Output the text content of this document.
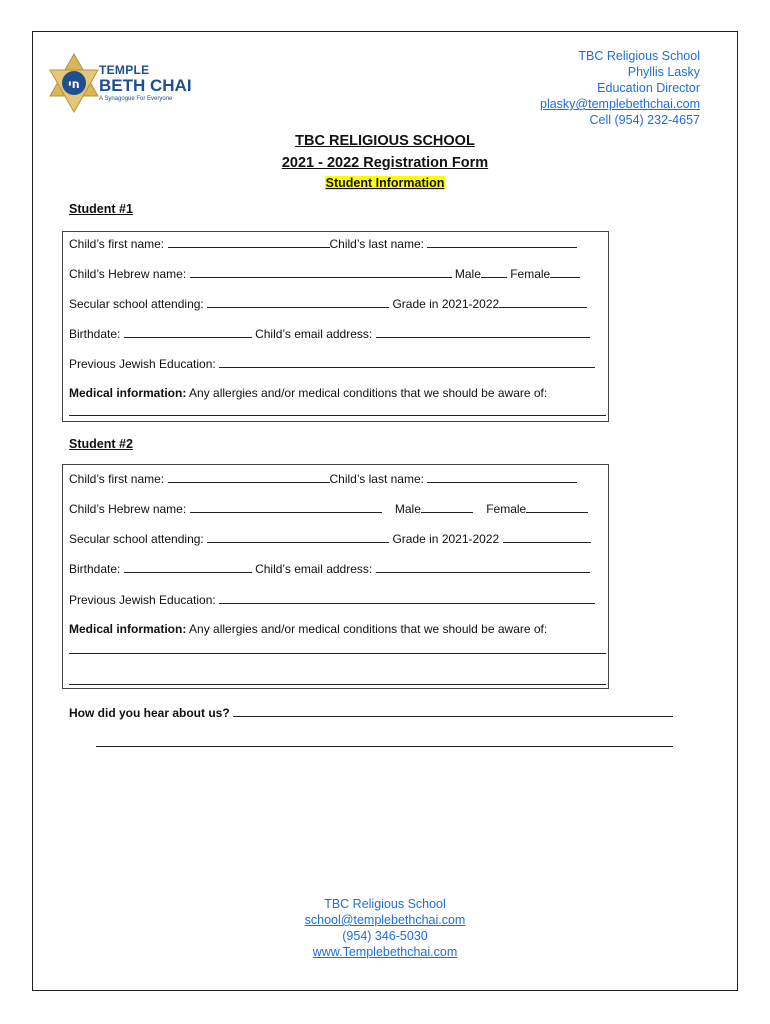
חי
TEMPLE
BETH CHAI
A Synagogue For Everyone
TBC Religious School
Phyllis Lasky
Education Director
plasky@templebethchai.com
Cell (954) 232-4657
TBC RELIGIOUS SCHOOL
2021 - 2022 Registration Form
Student Information
Student #1
Child’s first name:	Child’s last name:
Child’s Hebrew name:	Male Female
Secular school attending:	Grade in 2021-2022
Birthdate:	Child’s email address:
Previous Jewish Education:
Medical information: Any allergies and/or medical conditions that we should be aware of:
Student #2
Child’s first name:	Child’s last name:
Child’s Hebrew name:	Male	Female
Secular school attending:	Grade in 2021-2022
Birthdate:	Child’s email address:
Previous Jewish Education:
Medical information: Any allergies and/or medical conditions that we should be aware of:
How did you hear about us?
TBC Religious School
school@templebethchai.com
(954) 346-5030
www.Templebethchai.com
